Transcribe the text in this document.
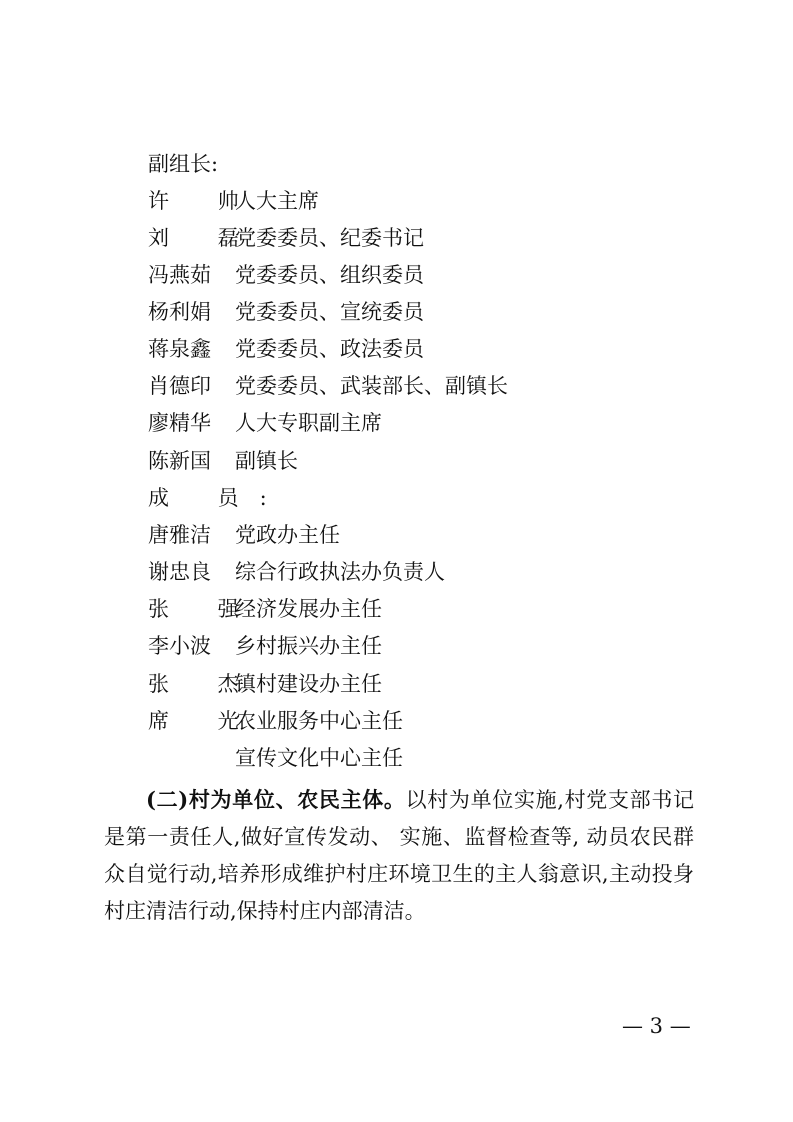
副组长:
许 帅人大主席
刘 磊党委委员、纪委书记
冯燕茹 党委委员、组织委员
杨利娟 党委委员、宣统委员
蒋泉鑫 党委委员、政法委员
肖德印 党委委员、武装部长、副镇长
廖精华 人大专职副主席
陈新国 副镇长
成 员:
唐雅洁 党政办主任
谢忠良 综合行政执法办负责人
张 强经济发展办主任
李小波 乡村振兴办主任
张 杰镇村建设办主任
席 光农业服务中心主任
宣传文化中心主任
(二)村为单位、农民主体。以村为单位实施,村党支部书记是第一责任人,做好宣传发动、 实施、监督检查等, 动员农民群众自觉行动,培养形成维护村庄环境卫生的主人翁意识,主动投身村庄清洁行动,保持村庄内部清洁。
— 3 —
